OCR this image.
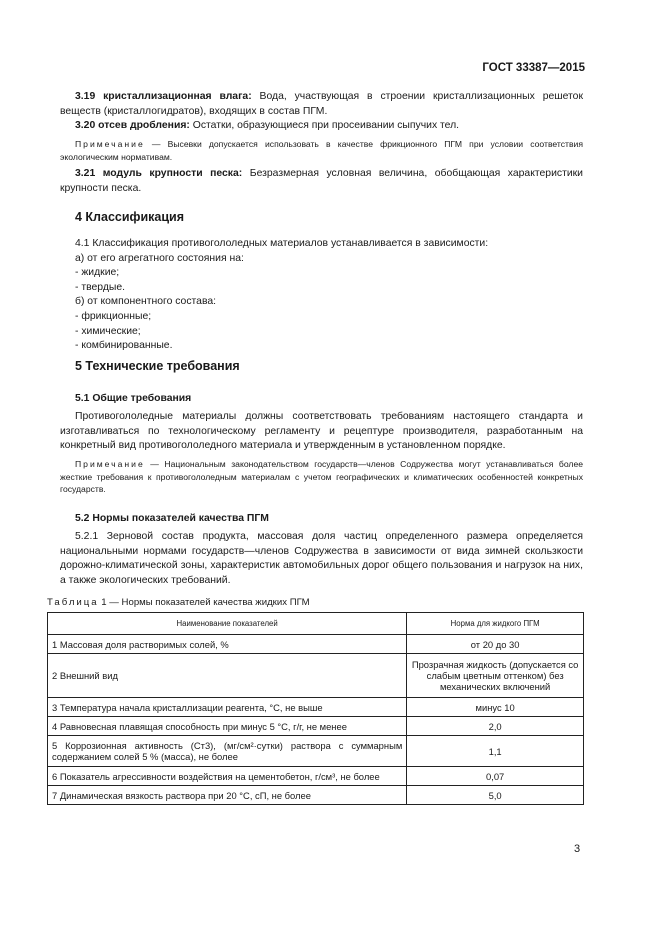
ГОСТ 33387—2015
3.19 кристаллизационная влага: Вода, участвующая в строении кристаллизационных решеток веществ (кристаллогидратов), входящих в состав ПГМ.
3.20 отсев дробления: Остатки, образующиеся при просеивании сыпучих тел.
Примечание — Высевки допускается использовать в качестве фрикционного ПГМ при условии соответствия экологическим нормативам.
3.21 модуль крупности песка: Безразмерная условная величина, обобщающая характеристики крупности песка.
4 Классификация
4.1 Классификация противогололедных материалов устанавливается в зависимости:
а) от его агрегатного состояния на:
- жидкие;
- твердые.
б) от компонентного состава:
- фрикционные;
- химические;
- комбинированные.
5 Технические требования
5.1 Общие требования
Противогололедные материалы должны соответствовать требованиям настоящего стандарта и изготавливаться по технологическому регламенту и рецептуре производителя, разработанным на конкретный вид противогололедного материала и утвержденным в установленном порядке.
Примечание — Национальным законодательством государств—членов Содружества могут устанавливаться более жесткие требования к противогололедным материалам с учетом географических и климатических особенностей конкретных государств.
5.2 Нормы показателей качества ПГМ
5.2.1 Зерновой состав продукта, массовая доля частиц определенного размера определяется национальными нормами государств—членов Содружества в зависимости от вида зимней скользкости дорожно-климатической зоны, характеристик автомобильных дорог общего пользования и нагрузок на них, а также экологических требований.
Таблица 1 — Нормы показателей качества жидких ПГМ
Наименование показателей	Норма для жидкого ПГМ
1 Массовая доля растворимых солей, %	от 20 до 30
2 Внешний вид	Прозрачная жидкость (допускается со слабым цветным оттенком) без механических включений
3 Температура начала кристаллизации реагента, °С, не выше	минус 10
4 Равновесная плавящая способность при минус 5 °С, г/г, не менее	2,0
5 Коррозионная активность (Ст3), (мг/см²·сутки) раствора с суммарным содержанием солей 5 % (масса), не более	1,1
6 Показатель агрессивности воздействия на цементобетон, г/см³, не более	0,07
7 Динамическая вязкость раствора при 20 °С, сП, не более	5,0
3
